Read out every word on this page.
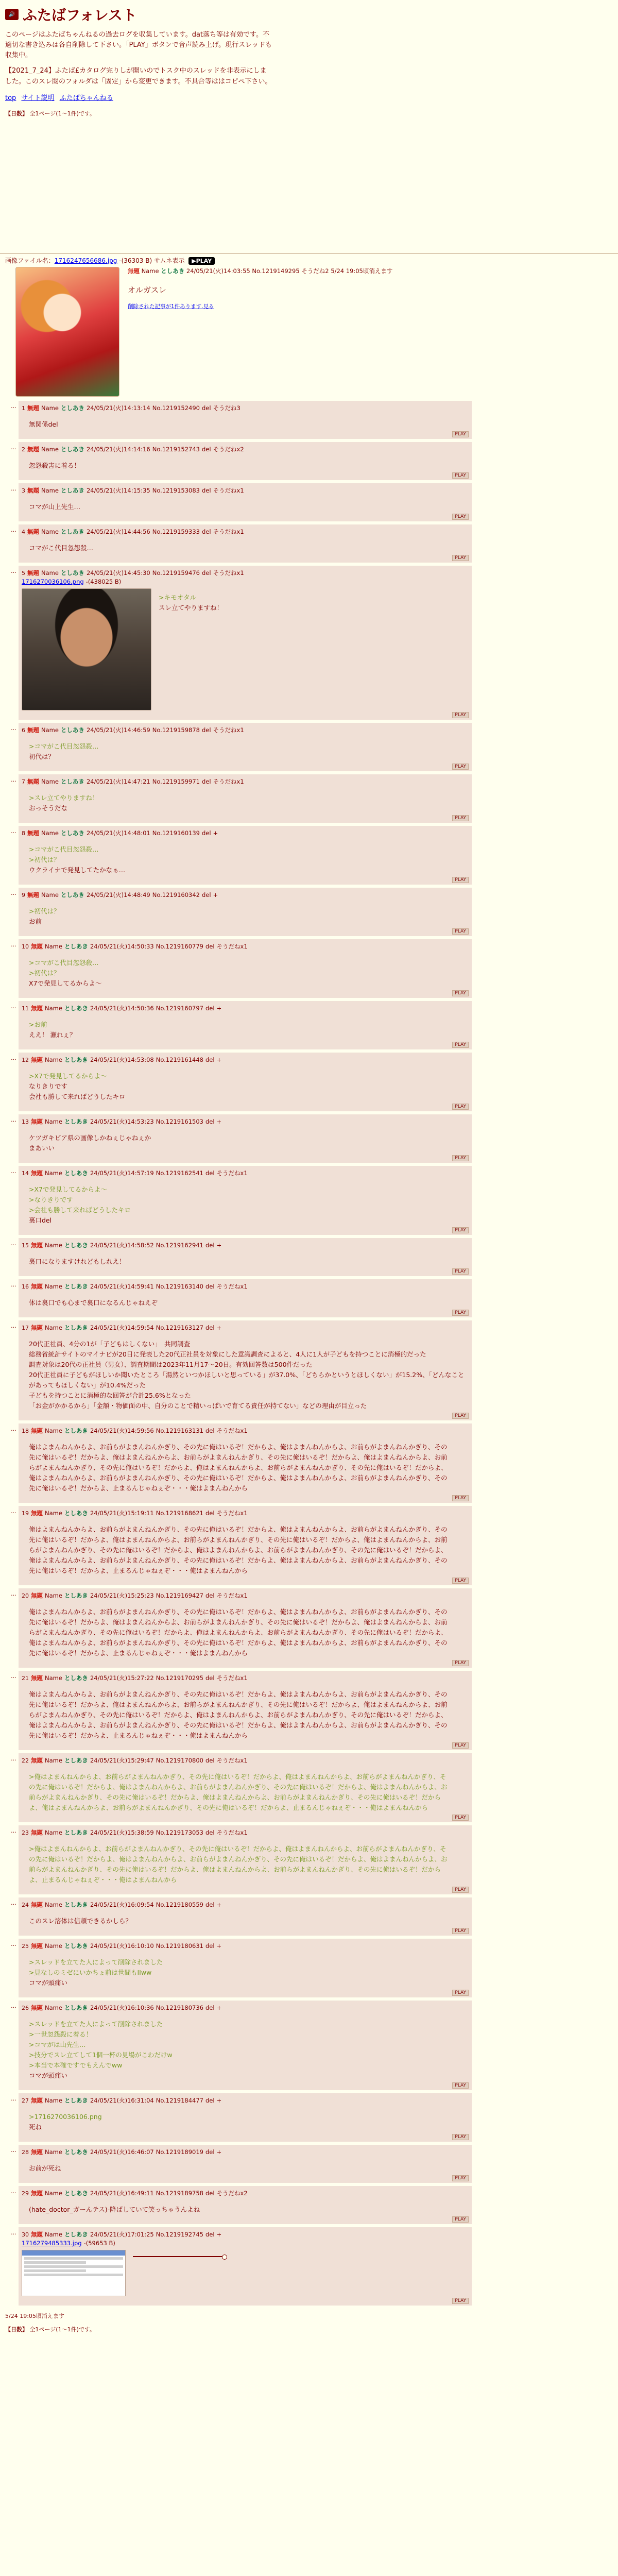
🔊 ふたばフォレスト

このページはふたばちゃんねるの過去ログを収集しています。dat落ち等は有効です。不適切な書き込みは各自削除して下さい。「PLAY」ボタンで音声読み上げ。現行スレッドも収集中。

【2021_7_24】ふたば£カタログ完りしが開いのでトスク中のスレッドを非表示にしました。このスレ閲のフォルダは「固定」から変更できます。不具合等ははコピペ下さい。

top サイト説明 ふたばちゃんねる
【日数】 全1ページ(1〜1件)です。
画像ファイル名：1716247656686.jpg -(36303 B) サムネ表示 ▶PLAY
無題 Name としあき 24/05/21(火)14:03:55 No.1219149295 そうだね2 5/24 19:05頃消えます
オルガスレ
削除された記事が1件あります.見る
… 1 無題 Name としあき 24/05/21(火)14:13:14 No.1219152490 del そうだね3
無関係del
PLAY
… 2 無題 Name としあき 24/05/21(火)14:14:16 No.1219152743 del そうだねx2
忽怨殺害に着る！
PLAY
… 3 無題 Name としあき 24/05/21(火)14:15:35 No.1219153083 del そうだねx1
コマが山上先生…
PLAY
… 4 無題 Name としあき 24/05/21(火)14:44:56 No.1219159333 del そうだねx1
コマがこ代目忽怨殺…
PLAY
… 5 無題 Name としあき 24/05/21(火)14:45:30 No.1219159476 del そうだねx1
1716270036106.png -(438025 B)
>キモオタル
スレ立てやりますね！
PLAY
… 6 無題 Name としあき 24/05/21(火)14:46:59 No.1219159878 del そうだねx1
>コマがこ代目忽怨殺…
初代は？
PLAY
… 7 無題 Name としあき 24/05/21(火)14:47:21 No.1219159971 del そうだねx1
>スレ立てやりますね！
おっそうだな
PLAY
… 8 無題 Name としあき 24/05/21(火)14:48:01 No.1219160139 del +
>コマがこ代目忽怨殺…
>初代は？
ウクライナで発見してたかなぁ…
PLAY
… 9 無題 Name としあき 24/05/21(火)14:48:49 No.1219160342 del +
>初代は？
お前
PLAY
… 10 無題 Name としあき 24/05/21(火)14:50:33 No.1219160779 del そうだねx1
>コマがこ代目忽怨殺…
>初代は？
X7で発見してるからよ～
PLAY
… 11 無題 Name としあき 24/05/21(火)14:50:36 No.1219160797 del +
>お前
ええ！ 瀬れぇ？
PLAY
… 12 無題 Name としあき 24/05/21(火)14:53:08 No.1219161448 del +
>X7で発見してるからよ～
なりきりです
会社も勝して来ればどうしたキロ
PLAY
… 13 無題 Name としあき 24/05/21(火)14:53:23 No.1219161503 del +
ケツガキビア県の画像しかねぇじゃねぇか
まあいい
PLAY
… 14 無題 Name としあき 24/05/21(火)14:57:19 No.1219162541 del そうだねx1
>X7で発見してるからよ～
>なりきりです
>会社も勝して来ればどうしたキロ
裏口del
PLAY
… 15 無題 Name としあき 24/05/21(火)14:58:52 No.1219162941 del +
裏口になりますけれどもしれえ！
PLAY
… 16 無題 Name としあき 24/05/21(火)14:59:41 No.1219163140 del そうだねx1
体は裏口でも心まで裏口になるんじゃねえぞ
PLAY
… 17 無題 Name としあき 24/05/21(火)14:59:54 No.1219163127 del +
20代正社員、4分の1が「子どもはしくない」　共同調査
総務省統計サイトのマイナビが20日に発表した20代正社員を対象にした意識調査によると、4人に1人が子どもを持つことに消極的だった
調査対象は20代の正社員（男女）、調査期間は2023年11月17〜20日。有効回答数は500件だった
20代正社員に子どもがほしいか聞いたところ「湯然といつかほしいと思っている」が37.0%、「どちらかというとほしくない」が15.2%、「どんなことがあってもほしくない」が10.4%だった
子どもを持つことに消極的な回答が合計25.6%となった
「お金がかかるから」「金額・物価面の中、自分のことで精いっぱいで育てる責任が持てない」などの理由が目立った
PLAY
… 18 無題 Name としあき 24/05/21(火)14:59:56 No.1219163131 del そうだねx1
俺はよまんねんからよ、お前らがよまんねんかぎり、その先に俺はいるぞ！だからよ、俺はよまんねんからよ、お前らがよまんねんかぎり、その先に俺はいるぞ！だからよ、俺はよまんねんからよ、お前らがよまんねんかぎり、その先に俺はいるぞ！だからよ、俺はよまんねんからよ、お前らがよまんねんかぎり、その先に俺はいるぞ！だからよ、俺はよまんねんからよ、お前らがよまんねんかぎり、その先に俺はいるぞ！だからよ、俺はよまんねんからよ、お前らがよまんねんかぎり、その先に俺はいるぞ！だからよ、俺はよまんねんからよ、お前らがよまんねんかぎり、その先に俺はいるぞ！だからよ、止まるんじゃねぇぞ・・・俺はよまんねんから
PLAY
… 19 無題 Name としあき 24/05/21(火)15:19:11 No.1219168621 del そうだねx1
俺はよまんねんからよ、お前らがよまんねんかぎり、その先に俺はいるぞ！だからよ、俺はよまんねんからよ、お前らがよまんねんかぎり、その先に俺はいるぞ！だからよ、俺はよまんねんからよ、お前らがよまんねんかぎり、その先に俺はいるぞ！だからよ、俺はよまんねんからよ、お前らがよまんねんかぎり、その先に俺はいるぞ！だからよ、俺はよまんねんからよ、お前らがよまんねんかぎり、その先に俺はいるぞ！だからよ、俺はよまんねんからよ、お前らがよまんねんかぎり、その先に俺はいるぞ！だからよ、俺はよまんねんからよ、お前らがよまんねんかぎり、その先に俺はいるぞ！だからよ、止まるんじゃねぇぞ・・・俺はよまんねんから
PLAY
… 20 無題 Name としあき 24/05/21(火)15:25:23 No.1219169427 del そうだねx1
俺はよまんねんからよ、お前らがよまんねんかぎり、その先に俺はいるぞ！だからよ、俺はよまんねんからよ、お前らがよまんねんかぎり、その先に俺はいるぞ！だからよ、俺はよまんねんからよ、お前らがよまんねんかぎり、その先に俺はいるぞ！だからよ、俺はよまんねんからよ、お前らがよまんねんかぎり、その先に俺はいるぞ！だからよ、俺はよまんねんからよ、お前らがよまんねんかぎり、その先に俺はいるぞ！だからよ、俺はよまんねんからよ、お前らがよまんねんかぎり、その先に俺はいるぞ！だからよ、俺はよまんねんからよ、お前らがよまんねんかぎり、その先に俺はいるぞ！だからよ、止まるんじゃねぇぞ・・・俺はよまんねんから
PLAY
… 21 無題 Name としあき 24/05/21(火)15:27:22 No.1219170295 del そうだねx1
俺はよまんねんからよ、お前らがよまんねんかぎり、その先に俺はいるぞ！だからよ、俺はよまんねんからよ、お前らがよまんねんかぎり、その先に俺はいるぞ！だからよ、俺はよまんねんからよ、お前らがよまんねんかぎり、その先に俺はいるぞ！だからよ、俺はよまんねんからよ、お前らがよまんねんかぎり、その先に俺はいるぞ！だからよ、俺はよまんねんからよ、お前らがよまんねんかぎり、その先に俺はいるぞ！だからよ、俺はよまんねんからよ、お前らがよまんねんかぎり、その先に俺はいるぞ！だからよ、俺はよまんねんからよ、お前らがよまんねんかぎり、その先に俺はいるぞ！だからよ、止まるんじゃねぇぞ・・・俺はよまんねんから
PLAY
… 22 無題 Name としあき 24/05/21(火)15:29:47 No.1219170800 del そうだねx1
>俺はよまんねんからよ、お前らがよまんねんかぎり、その先に俺はいるぞ！だからよ、俺はよまんねんからよ、お前らがよまんねんかぎり、その先に俺はいるぞ！だからよ、俺はよまんねんからよ、お前らがよまんねんかぎり、その先に俺はいるぞ！だからよ、俺はよまんねんからよ、お前らがよまんねんかぎり、その先に俺はいるぞ！だからよ、俺はよまんねんからよ、お前らがよまんねんかぎり、その先に俺はいるぞ！だからよ、俺はよまんねんからよ、お前らがよまんねんかぎり、その先に俺はいるぞ！だからよ、止まるんじゃねぇぞ・・・俺はよまんねんから
PLAY
… 23 無題 Name としあき 24/05/21(火)15:38:59 No.1219173053 del そうだねx1
>俺はよまんねんからよ、お前らがよまんねんかぎり、その先に俺はいるぞ！だからよ、俺はよまんねんからよ、お前らがよまんねんかぎり、その先に俺はいるぞ！だからよ、俺はよまんねんからよ、お前らがよまんねんかぎり、その先に俺はいるぞ！だからよ、俺はよまんねんからよ、お前らがよまんねんかぎり、その先に俺はいるぞ！だからよ、俺はよまんねんからよ、お前らがよまんねんかぎり、その先に俺はいるぞ！だからよ、止まるんじゃねぇぞ・・・俺はよまんねんから
PLAY
… 24 無題 Name としあき 24/05/21(火)16:09:54 No.1219180559 del +
このスレ溶体は信頼できるかしら？
PLAY
… 25 無題 Name としあき 24/05/21(火)16:10:10 No.1219180631 del +
>スレッドを立てた人によって削除されました
>見なしのミゼにいかちょ前は世間もIIww
コマが頭痛い
PLAY
… 26 無題 Name としあき 24/05/21(火)16:10:36 No.1219180736 del +
>スレッドを立てた人によって削除されました
>一世忽怨殺に着る！
>コマがは山先生…
>技分でスレ立てして1個一杯の見場がこわだけw
>本当で本確ですでもえんでww
コマが頭痛い
PLAY
… 27 無題 Name としあき 24/05/21(火)16:31:04 No.1219184477 del +
>1716270036106.png
死ね
PLAY
… 28 無題 Name としあき 24/05/21(火)16:46:07 No.1219189019 del +
お前が死ね
PLAY
… 29 無題 Name としあき 24/05/21(火)16:49:11 No.1219189758 del そうだねx2
(hate_doctor_ガーんテス)-降ばしていて笑っちゃうんよね
PLAY
… 30 無題 Name としあき 24/05/21(火)17:01:25 No.1219192745 del +
1716279485333.jpg -(59653 B)
PLAY
5/24 19:05頃消えます
【日数】 全1ページ(1〜1件)です。
